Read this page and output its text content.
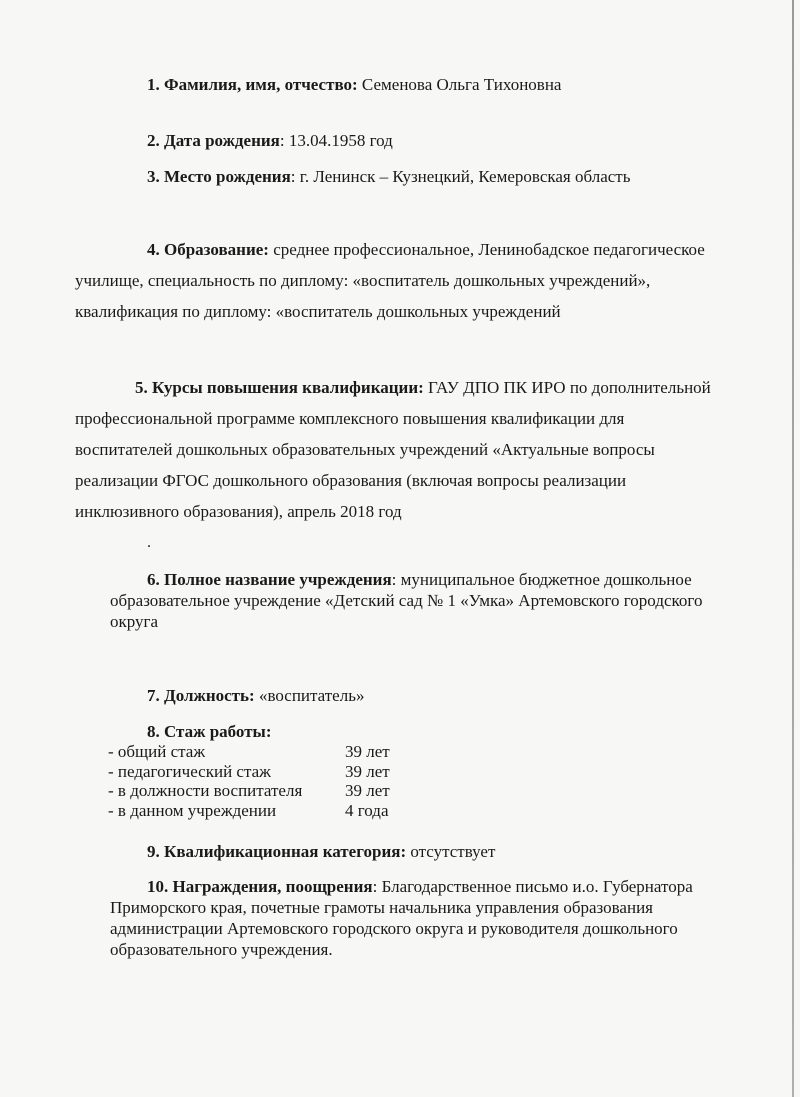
1. Фамилия, имя, отчество: Семенова Ольга Тихоновна
2. Дата рождения: 13.04.1958 год
3. Место рождения: г. Ленинск – Кузнецкий, Кемеровская область
4. Образование: среднее профессиональное, Ленинобадское педагогическое
училище, специальность по диплому: «воспитатель дошкольных учреждений»,
квалификация по диплому: «воспитатель дошкольных учреждений
5. Курсы повышения квалификации: ГАУ ДПО ПК ИРО по дополнительной
профессиональной программе комплексного повышения квалификации для
воспитателей дошкольных образовательных учреждений «Актуальные вопросы
реализации ФГОС дошкольного образования (включая вопросы реализации
инклюзивного образования), апрель 2018 год
.
6. Полное название учреждения: муниципальное бюджетное дошкольное
образовательное учреждение «Детский сад № 1 «Умка» Артемовского городского
округа
7. Должность: «воспитатель»
8. Стаж работы:
- общий стаж	39 лет
- педагогический стаж	39 лет
- в должности воспитателя	39 лет
- в данном учреждении	4 года
9. Квалификационная категория: отсутствует
10. Награждения, поощрения: Благодарственное письмо и.о. Губернатора
Приморского края, почетные грамоты начальника управления образования
администрации Артемовского городского округа и руководителя дошкольного
образовательного учреждения.
